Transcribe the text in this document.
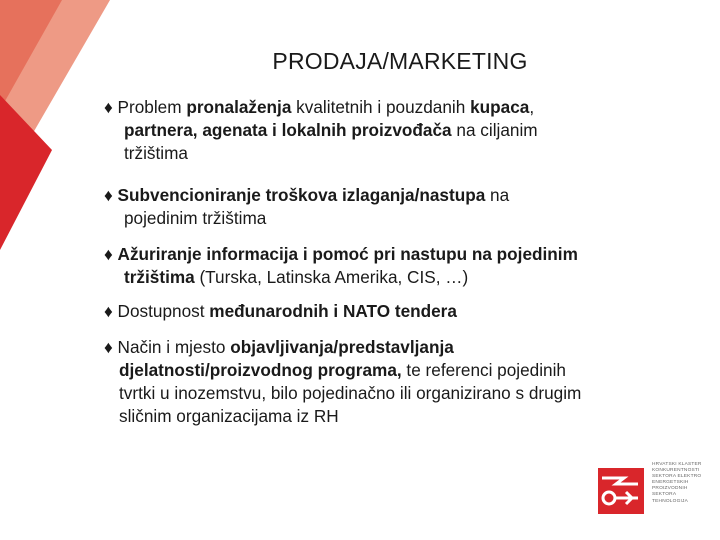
PRODAJA/MARKETING
♦ Problem pronalaženja kvalitetnih i pouzdanih kupaca,
partnera, agenata i lokalnih proizvođača na ciljanim
tržištima
♦ Subvencioniranje troškova izlaganja/nastupa na
pojedinim tržištima
♦ Ažuriranje informacija i pomoć pri nastupu na pojedinim
tržištima (Turska, Latinska Amerika, CIS, …)
♦ Dostupnost međunarodnih i NATO tendera
♦ Način i mjesto objavljivanja/predstavljanja
djelatnosti/proizvodnog programa, te referenci pojedinih
tvrtki u inozemstvu, bilo pojedinačno ili organizirano s drugim
sličnim organizacijama iz RH
HRVATSKI KLASTER
KONKURENTNOSTI
SEKTORA ELEKTRO
ENERGETSKIH
PROIZVODNIH
SEKTORA
TEHNOLOGIJA
